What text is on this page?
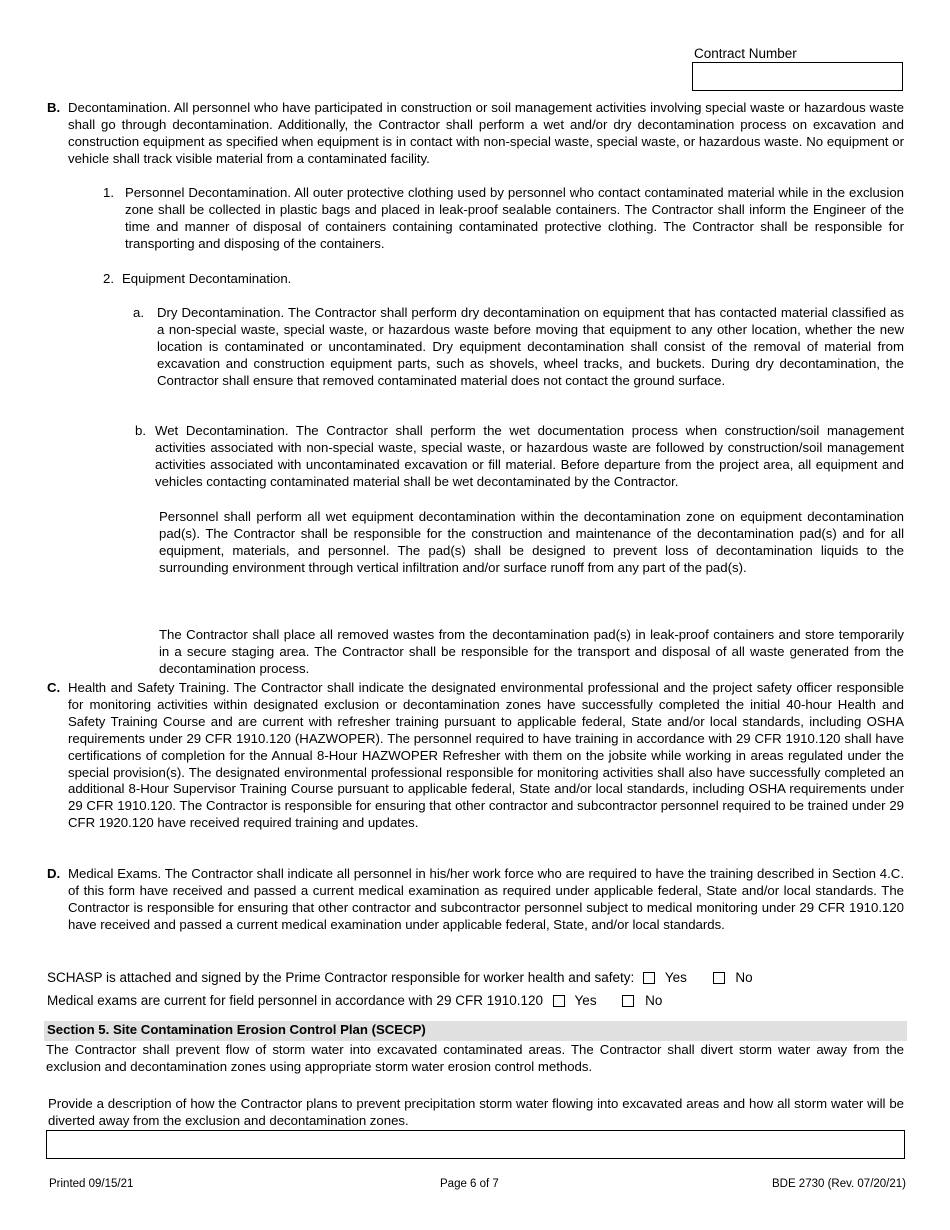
Contract Number
B. Decontamination. All personnel who have participated in construction or soil management activities involving special waste or hazardous waste shall go through decontamination. Additionally, the Contractor shall perform a wet and/or dry decontamination process on excavation and construction equipment as specified when equipment is in contact with non-special waste, special waste, or hazardous waste. No equipment or vehicle shall track visible material from a contaminated facility.

1. Personnel Decontamination. All outer protective clothing used by personnel who contact contaminated material while in the exclusion zone shall be collected in plastic bags and placed in leak-proof sealable containers. The Contractor shall inform the Engineer of the time and manner of disposal of containers containing contaminated protective clothing. The Contractor shall be responsible for transporting and disposing of the containers.

2. Equipment Decontamination.

a. Dry Decontamination. The Contractor shall perform dry decontamination on equipment that has contacted material classified as a non-special waste, special waste, or hazardous waste before moving that equipment to any other location, whether the new location is contaminated or uncontaminated. Dry equipment decontamination shall consist of the removal of material from excavation and construction equipment parts, such as shovels, wheel tracks, and buckets. During dry decontamination, the Contractor shall ensure that removed contaminated material does not contact the ground surface.

b. Wet Decontamination. The Contractor shall perform the wet documentation process when construction/soil management activities associated with non-special waste, special waste, or hazardous waste are followed by construction/soil management activities associated with uncontaminated excavation or fill material. Before departure from the project area, all equipment and vehicles contacting contaminated material shall be wet decontaminated by the Contractor.

Personnel shall perform all wet equipment decontamination within the decontamination zone on equipment decontamination pad(s). The Contractor shall be responsible for the construction and maintenance of the decontamination pad(s) and for all equipment, materials, and personnel. The pad(s) shall be designed to prevent loss of decontamination liquids to the surrounding environment through vertical infiltration and/or surface runoff from any part of the pad(s).

The Contractor shall place all removed wastes from the decontamination pad(s) in leak-proof containers and store temporarily in a secure staging area. The Contractor shall be responsible for the transport and disposal of all waste generated from the decontamination process.

C. Health and Safety Training. The Contractor shall indicate the designated environmental professional and the project safety officer responsible for monitoring activities within designated exclusion or decontamination zones have successfully completed the initial 40-hour Health and Safety Training Course and are current with refresher training pursuant to applicable federal, State and/or local standards, including OSHA requirements under 29 CFR 1910.120 (HAZWOPER). The personnel required to have training in accordance with 29 CFR 1910.120 shall have certifications of completion for the Annual 8-Hour HAZWOPER Refresher with them on the jobsite while working in areas regulated under the special provision(s). The designated environmental professional responsible for monitoring activities shall also have successfully completed an additional 8-Hour Supervisor Training Course pursuant to applicable federal, State and/or local standards, including OSHA requirements under 29 CFR 1910.120. The Contractor is responsible for ensuring that other contractor and subcontractor personnel required to be trained under 29 CFR 1920.120 have received required training and updates.

D. Medical Exams. The Contractor shall indicate all personnel in his/her work force who are required to have the training described in Section 4.C. of this form have received and passed a current medical examination as required under applicable federal, State and/or local standards. The Contractor is responsible for ensuring that other contractor and subcontractor personnel subject to medical monitoring under 29 CFR 1910.120 have received and passed a current medical examination under applicable federal, State, and/or local standards.

SCHASP is attached and signed by the Prime Contractor responsible for worker health and safety: Yes	No
Medical exams are current for field personnel in accordance with 29 CFR 1910.120 Yes	No
Section 5. Site Contamination Erosion Control Plan (SCECP)

The Contractor shall prevent flow of storm water into excavated contaminated areas. The Contractor shall divert storm water away from the exclusion and decontamination zones using appropriate storm water erosion control methods.

Provide a description of how the Contractor plans to prevent precipitation storm water flowing into excavated areas and how all storm water will be diverted away from the exclusion and decontamination zones.

Printed 09/15/21	Page 6 of 7	BDE 2730 (Rev. 07/20/21)
